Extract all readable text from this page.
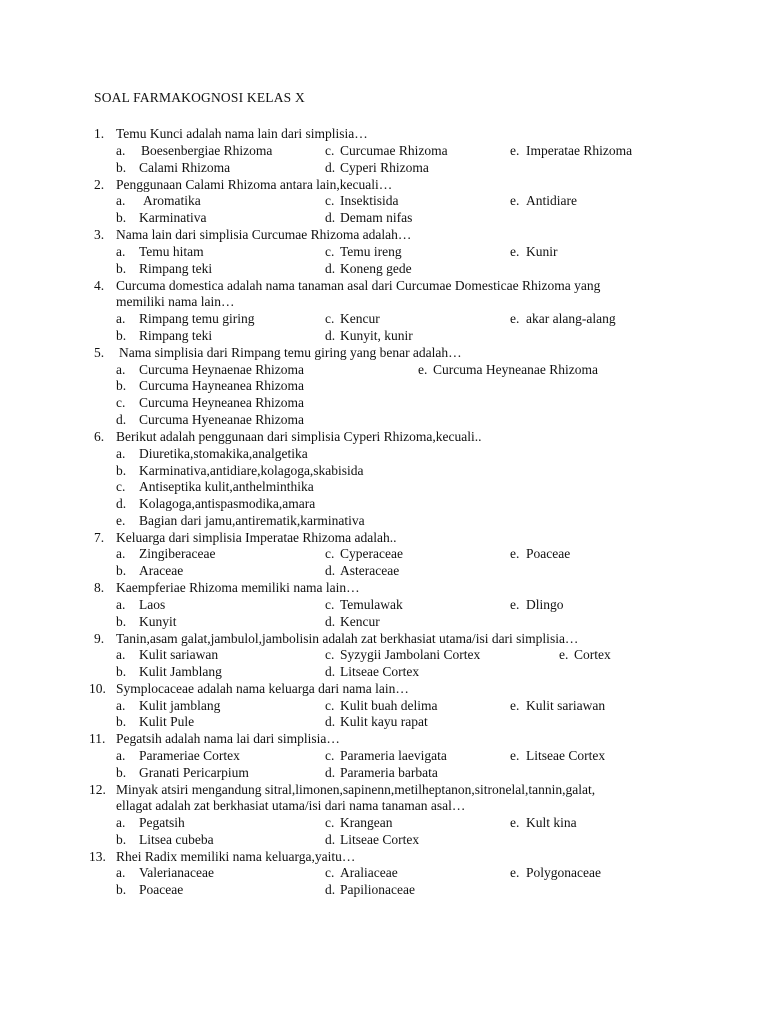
SOAL FARMAKOGNOSI KELAS X
1. Temu Kunci adalah nama lain dari simplisia…
a. Boesenbergiae Rhizoma	c. Curcumae Rhizoma	e. Imperatae Rhizoma
b. Calami Rhizoma	d. Cyperi Rhizoma
2. Penggunaan Calami Rhizoma antara lain,kecuali…
a. Aromatika	c. Insektisida	e. Antidiare
b. Karminativa	d. Demam nifas
3. Nama lain dari simplisia Curcumae Rhizoma adalah…
a. Temu hitam	c. Temu ireng	e. Kunir
b. Rimpang teki	d. Koneng gede
4. Curcuma domestica adalah nama tanaman asal dari Curcumae Domesticae Rhizoma yang
memiliki nama lain…
a. Rimpang temu giring	c. Kencur	e. akar alang-alang
b. Rimpang teki	d. Kunyit, kunir
5. Nama simplisia dari Rimpang temu giring yang benar adalah…
a. Curcuma Heynaenae Rhizoma	e. Curcuma Heyneanae Rhizoma
b. Curcuma Hayneanea Rhizoma
c. Curcuma Heyneanea Rhizoma
d. Curcuma Hyeneanae Rhizoma
6. Berikut adalah penggunaan dari simplisia Cyperi Rhizoma,kecuali..
a. Diuretika,stomakika,analgetika
b. Karminativa,antidiare,kolagoga,skabisida
c. Antiseptika kulit,anthelminthika
d. Kolagoga,antispasmodika,amara
e. Bagian dari jamu,antirematik,karminativa
7. Keluarga dari simplisia Imperatae Rhizoma adalah..
a. Zingiberaceae	c. Cyperaceae	e. Poaceae
b. Araceae	d. Asteraceae
8. Kaempferiae Rhizoma memiliki nama lain…
a. Laos	c. Temulawak	e. Dlingo
b. Kunyit	d. Kencur
9. Tanin,asam galat,jambulol,jambolisin adalah zat berkhasiat utama/isi dari simplisia…
a. Kulit sariawan	c. Syzygii Jambolani Cortex	e. Cortex
b. Kulit Jamblang	d. Litseae Cortex
10. Symplocaceae adalah nama keluarga dari nama lain…
a. Kulit jamblang	c. Kulit buah delima	e. Kulit sariawan
b. Kulit Pule	d. Kulit kayu rapat
11. Pegatsih adalah nama lai dari simplisia…
a. Parameriae Cortex	c. Parameria laevigata	e. Litseae Cortex
b. Granati Pericarpium	d. Parameria barbata
12. Minyak atsiri mengandung sitral,limonen,sapinenn,metilheptanon,sitronelal,tannin,galat,
ellagat adalah zat berkhasiat utama/isi dari nama tanaman asal…
a. Pegatsih	c. Krangean	e. Kult kina
b. Litsea cubeba	d. Litseae Cortex
13. Rhei Radix memiliki nama keluarga,yaitu…
a. Valerianaceae	c. Araliaceae	e. Polygonaceae
b. Poaceae	d. Papilionaceae
